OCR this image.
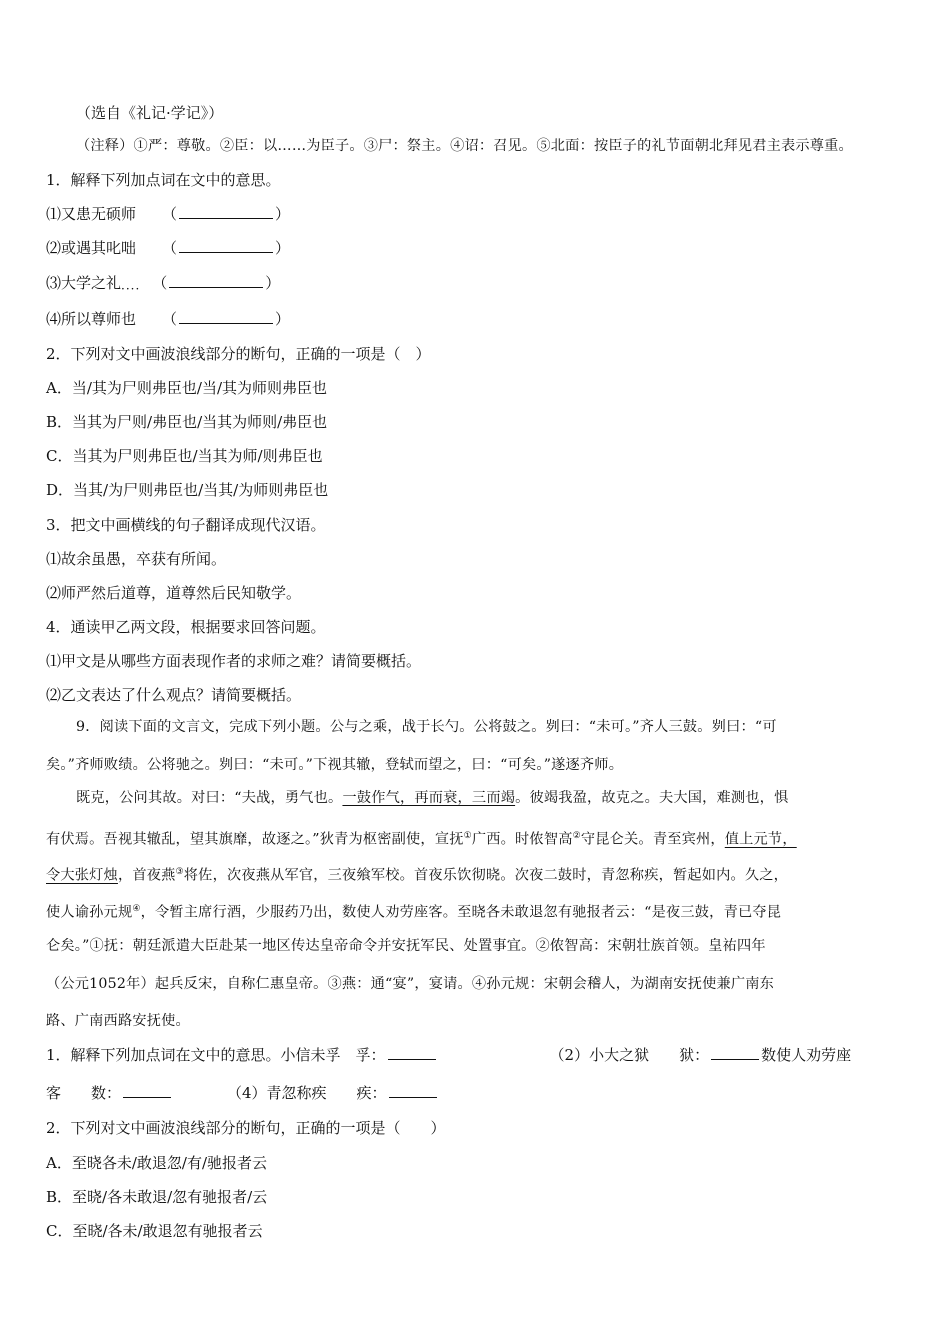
（选自《礼记·学记》）
（注释）①严：尊敬。②臣：以……为臣子。③尸：祭主。④诏：召见。⑤北面：按臣子的礼节面朝北拜见君主表示尊重。
1．解释下列加点词在文中的意思。
⑴又患无硕师 （	）
⑵或遇其叱咄 （	）
⑶大学之礼$_{\cdot\cdot\cdot\cdot}$ （	）
⑷所以尊师也 （	）
2．下列对文中画波浪线部分的断句，正确的一项是（　）
A．当/其为尸则弗臣也/当/其为师则弗臣也
B．当其为尸则/弗臣也/当其为师则/弗臣也
C．当其为尸则弗臣也/当其为师/则弗臣也
D．当其/为尸则弗臣也/当其/为师则弗臣也
3．把文中画横线的句子翻译成现代汉语。
⑴故余虽愚，卒获有所闻。
⑵师严然后道尊，道尊然后民知敬学。
4．通读甲乙两文段，根据要求回答问题。
⑴甲文是从哪些方面表现作者的求师之难？请简要概括。
⑵乙文表达了什么观点？请简要概括。
9．阅读下面的文言文，完成下列小题。公与之乘，战于长勺。公将鼓之。刿曰：“未可。”齐人三鼓。刿曰：“可
矣。”齐师败绩。公将驰之。刿曰：“未可。”下视其辙，登轼而望之，曰：“可矣。”遂逐齐师。
既克，公问其故。对曰：“夫战，勇气也。一鼓作气，再而衰，三而竭。彼竭我盈，故克之。夫大国，难测也，惧
有伏焉。吾视其辙乱，望其旗靡，故逐之。”狄青为枢密副使，宣抚①广西。时侬智高②守昆仑关。青至宾州，值上元节，
令大张灯烛，首夜燕③将佐，次夜燕从军官，三夜飨军校。首夜乐饮彻晓。次夜二鼓时，青忽称疾，暂起如内。久之，
使人谕孙元规④，令暂主席行酒，少服药乃出，数使人劝劳座客。至晓各未敢退忽有驰报者云：“是夜三鼓，青已夺昆
仑矣。”①抚：朝廷派遣大臣赴某一地区传达皇帝命令并安抚军民、处置事宜。②侬智高：宋朝壮族首领。皇祐四年
（公元1052年）起兵反宋，自称仁惠皇帝。③燕：通“宴”，宴请。④孙元规：宋朝会稽人，为湖南安抚使兼广南东
路、广南西路安抚使。
1．解释下列加点词在文中的意思。小信未孚　孚：	（2）小大之狱　　狱：	数使人劝劳座
客　　数：	（4）青忽称疾　　疾：
2．下列对文中画波浪线部分的断句，正确的一项是（　　）
A．至晓各未/敢退忽/有/驰报者云
B．至晓/各未敢退/忽有驰报者/云
C．至晓/各未/敢退忽有驰报者云
